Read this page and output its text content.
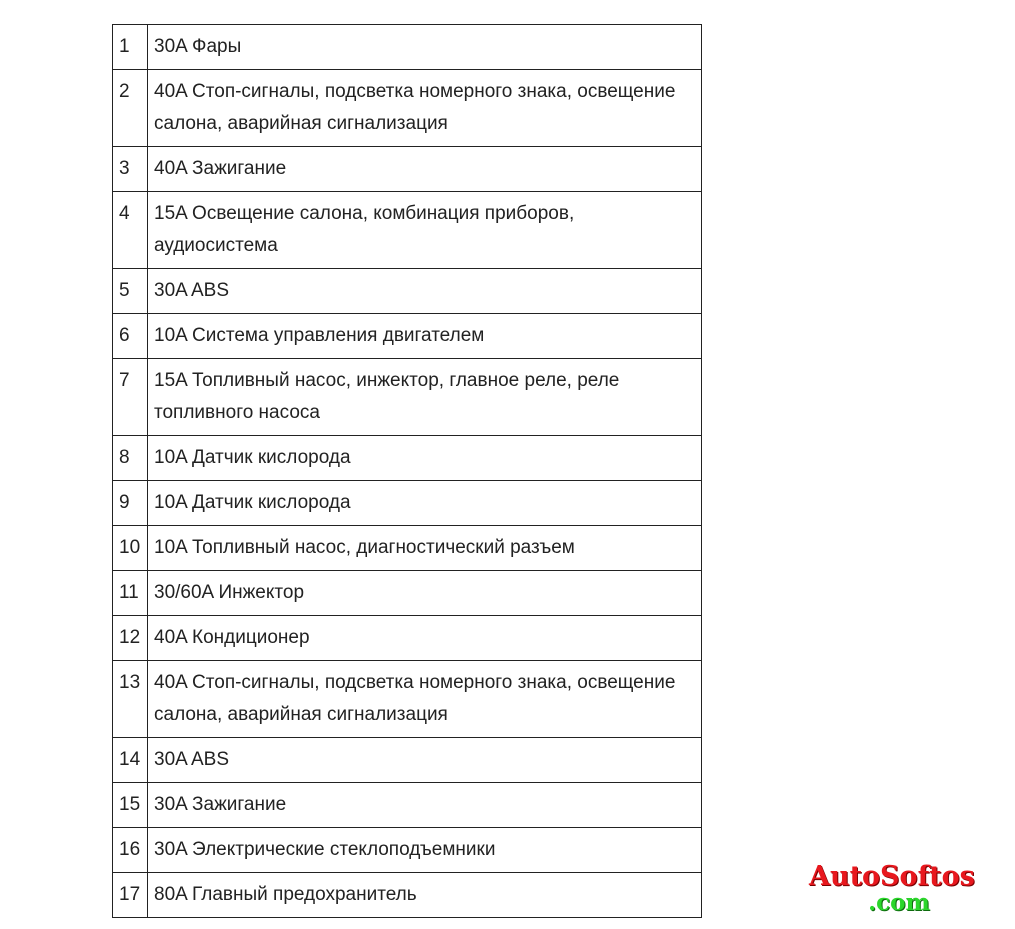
1	30A Фары
2	40A Стоп-сигналы, подсветка номерного знака, освещение салона, аварийная сигнализация
3	40A Зажигание
4	15A Освещение салона, комбинация приборов, аудиосистема
5	30A ABS
6	10A Система управления двигателем
7	15A Топливный насос, инжектор, главное реле, реле топливного насоса
8	10A Датчик кислорода
9	10A Датчик кислорода
10	10A Топливный насос, диагностический разъем
11	30/60A Инжектор
12	40A Кондиционер
13	40A Стоп-сигналы, подсветка номерного знака, освещение салона, аварийная сигнализация
14	30A ABS
15	30A Зажигание
16	30A Электрические стеклоподъемники
17	80A Главный предохранитель
AutoSoftos
.com
